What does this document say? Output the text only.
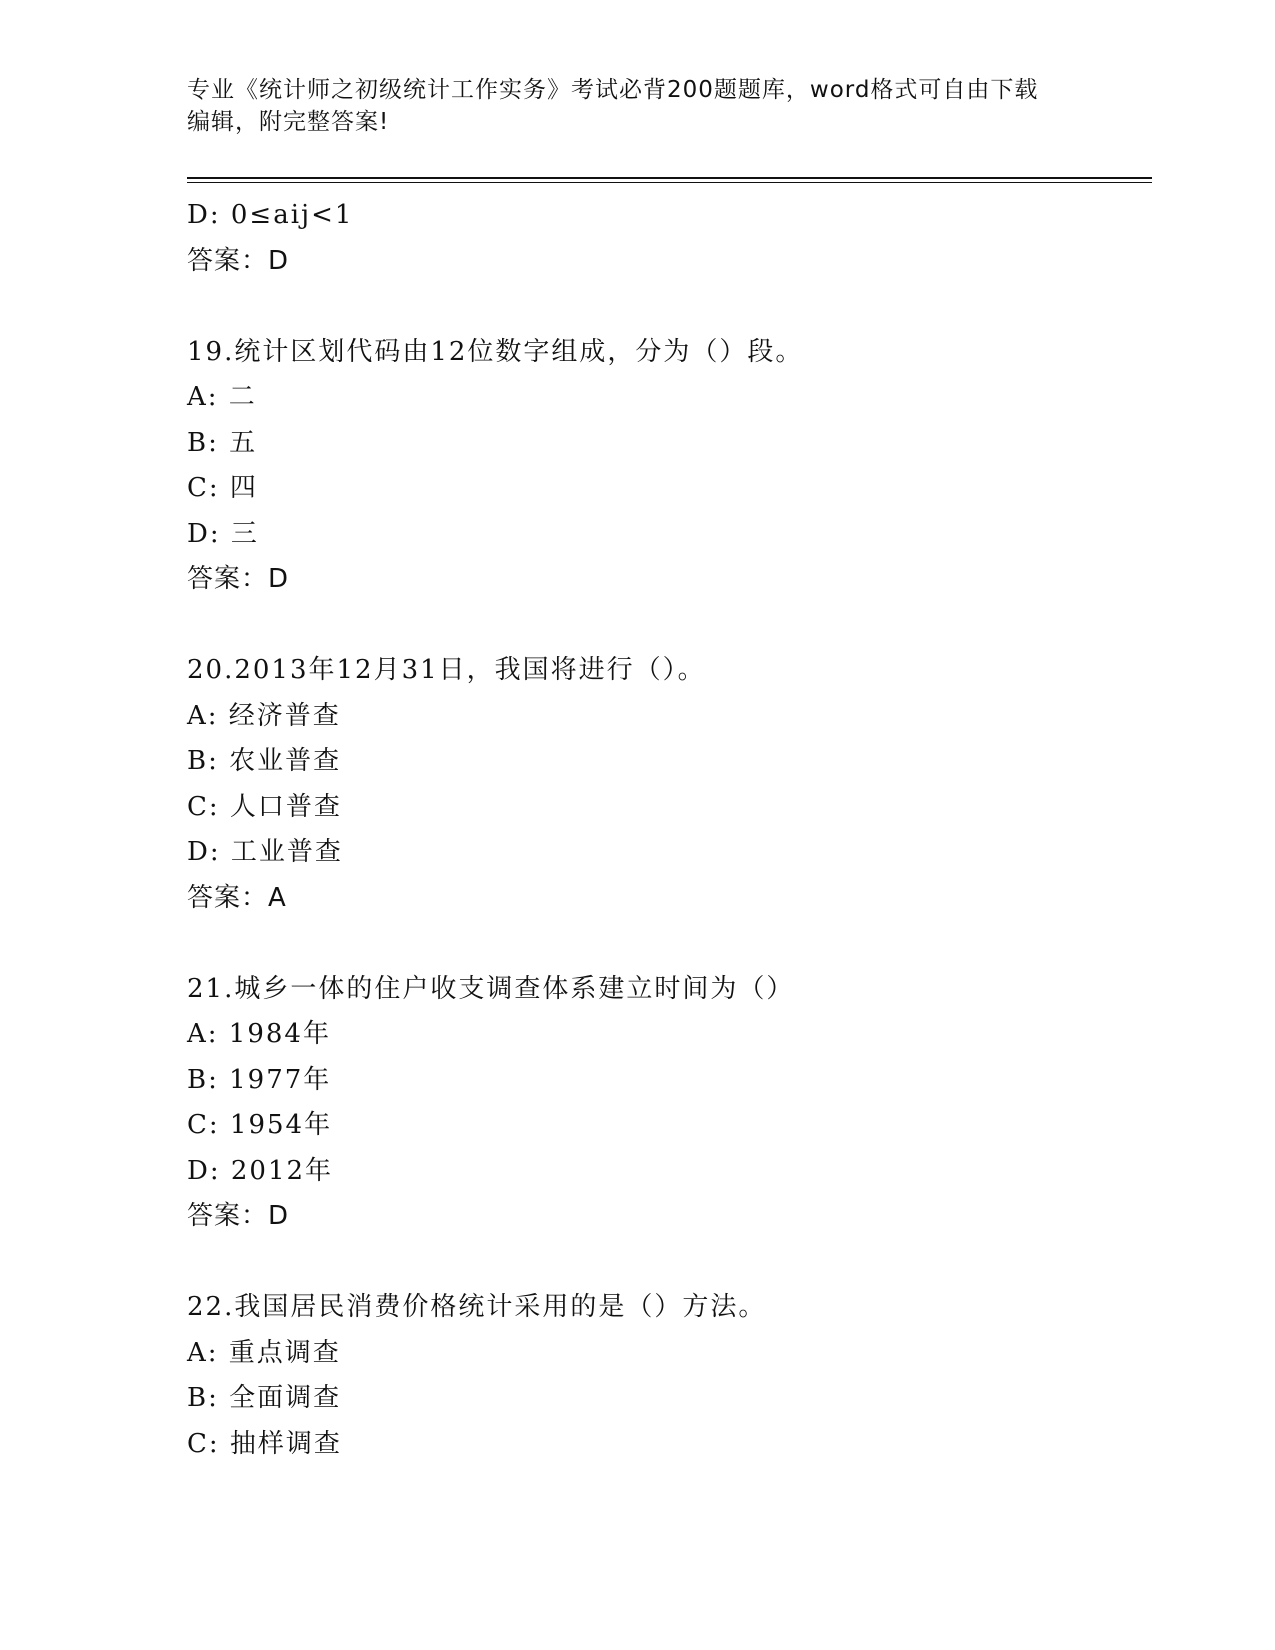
专业《统计师之初级统计工作实务》考试必背200题题库，word格式可自由下载
编辑，附完整答案!
D: 0≤aij<1
答案：D
19.统计区划代码由12位数字组成，分为（）段。
A: 二
B: 五
C: 四
D: 三
答案：D
20.2013年12月31日，我国将进行（）。
A: 经济普查
B: 农业普查
C: 人口普查
D: 工业普查
答案：A
21.城乡一体的住户收支调查体系建立时间为（）
A: 1984年
B: 1977年
C: 1954年
D: 2012年
答案：D
22.我国居民消费价格统计采用的是（）方法。
A: 重点调查
B: 全面调查
C: 抽样调查
